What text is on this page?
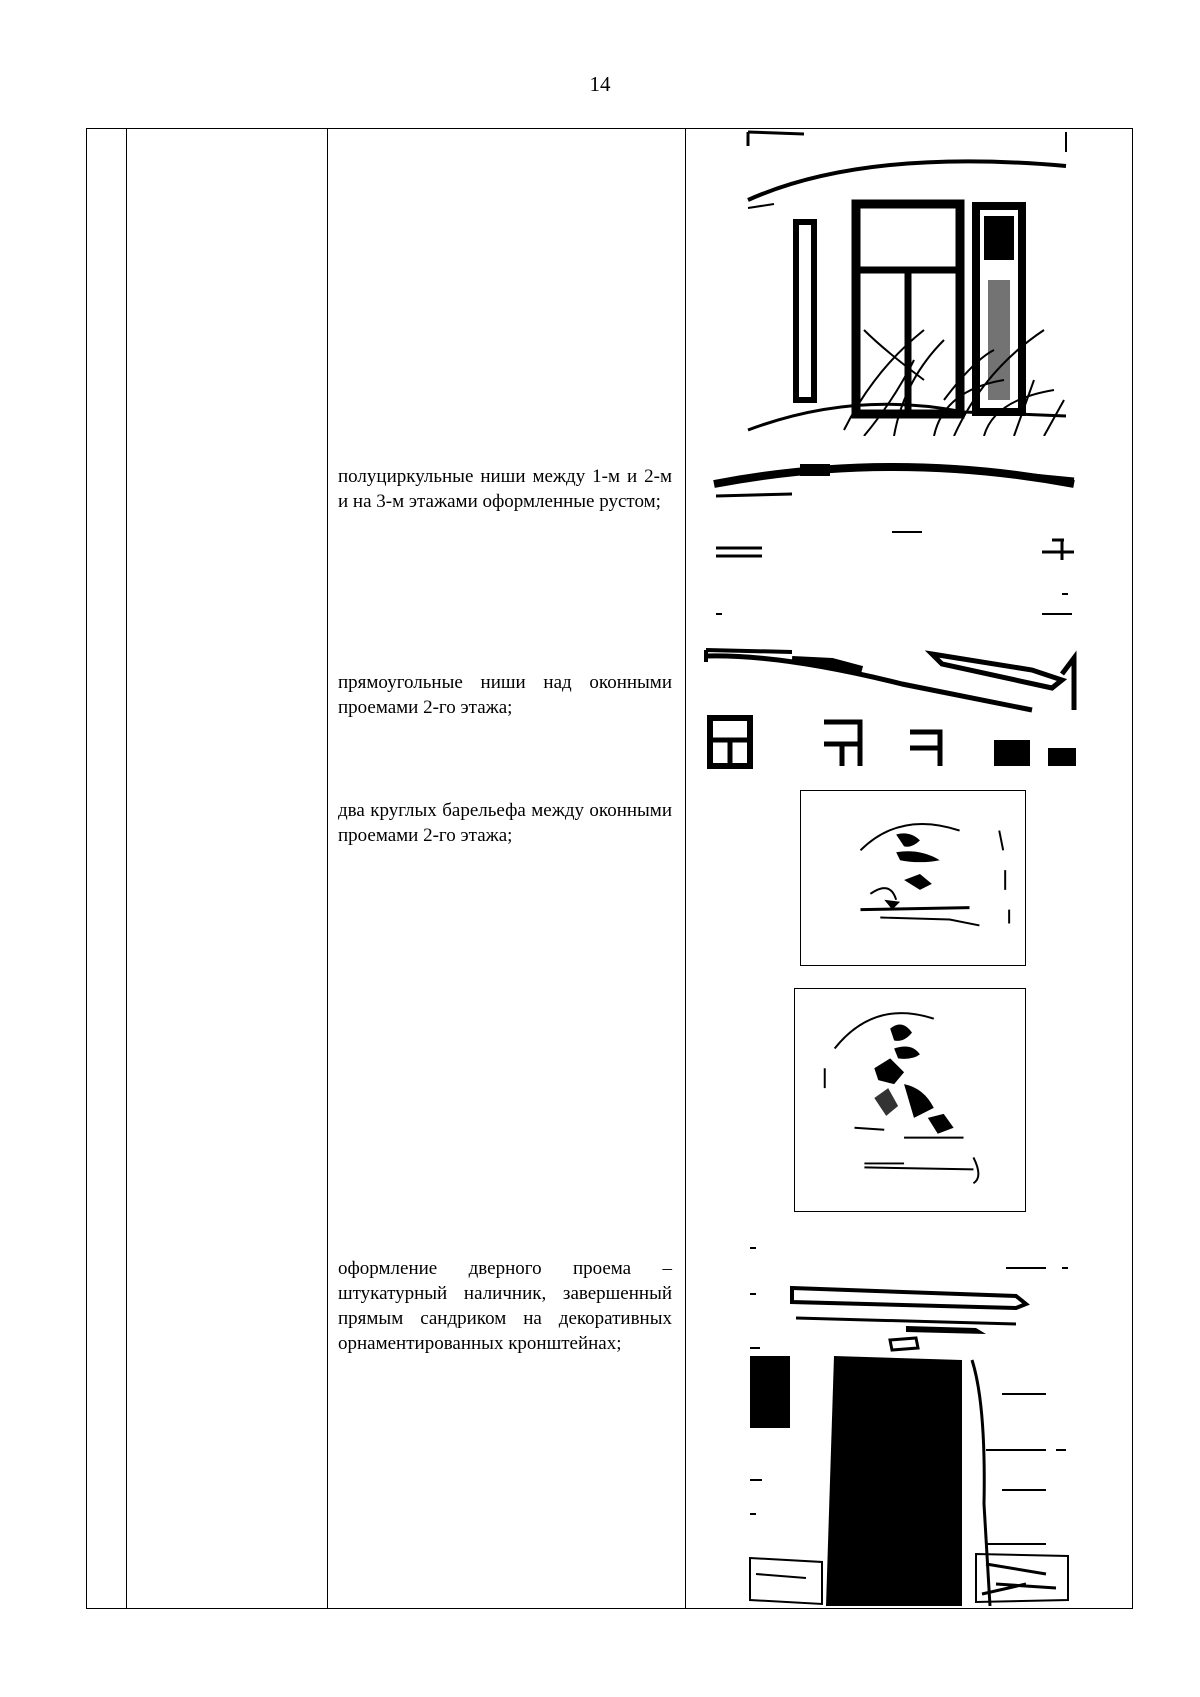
14
полуциркульные ниши между 1-м и 2-м и на 3-м этажами оформленные рустом;
прямоугольные ниши над оконными проемами 2-го этажа;
два круглых барельефа между оконными проемами 2-го этажа;
оформление дверного проема – штукатурный наличник, завершенный прямым сандриком на декоративных орнаментированных кронштейнах;
